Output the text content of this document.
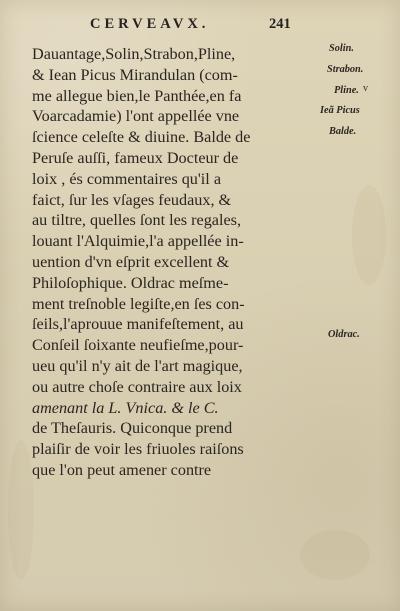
CERVEAVX.	241
Dauantage,Solin,Strabon,Pline,
& Iean Picus Mirandulan (com-
me allegue bien,le Panthée,en fa
Voarcadamie) l'ont appellée vne
ſcience celeſte & diuine. Balde de
Peruſe auſſi, fameux Docteur de
loix , és commentaires qu'il a
faict, ſur les vſages feudaux, &
au tiltre, quelles ſont les regales,
louant l'Alquimie,l'a appellée in-
uention d'vn eſprit excellent &
Philoſophique. Oldrac meſme-
ment treſnoble legiſte,en ſes con-
ſeils,l'aprouue manifeſtement, au
Conſeil ſoixante neufieſme,pour-
ueu qu'il n'y ait de l'art magique,
ou autre choſe contraire aux loix
amenant la L. Vnica. & le C.
de Theſauris. Quiconque prend
plaiſir de voir les friuoles raiſons
que l'on peut amener contre
Solin.
Strabon.
Pline.
Ieã Picus
Balde.
Oldrac.
v
